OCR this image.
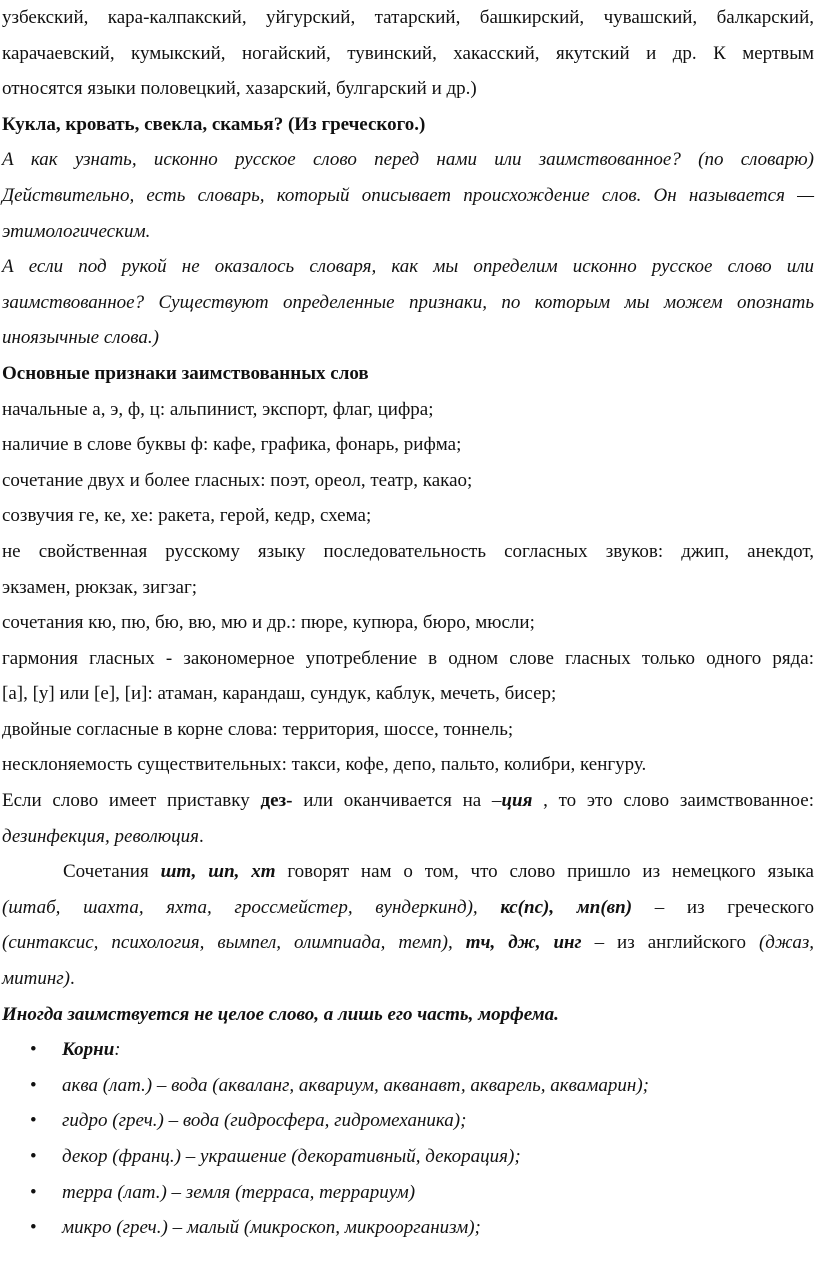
узбекский, кара-калпакский, уйгурский, татарский, башкирский, чувашский, балкарский,

карачаевский, кумыкский, ногайский, тувинский, хакасский, якутский и др. К мертвым

относятся языки половецкий, хазарский, булгарский и др.)

Кукла, кровать, свекла, скамья? (Из греческого.)

А как узнать, исконно русское слово перед нами или заимствованное? (по словарю)

Действительно, есть словарь, который описывает происхождение слов. Он называется —

этимологическим.

А если под рукой не оказалось словаря, как мы определим исконно русское слово или

заимствованное? Существуют определенные признаки, по которым мы можем опознать

иноязычные слова.)

Основные признаки заимствованных слов

начальные а, э, ф, ц: альпинист, экспорт, флаг, цифра;

наличие в слове буквы ф: кафе, графика, фонарь, рифма;

сочетание двух и более гласных: поэт, ореол, театр, какао;

созвучия ге, ке, хе: ракета, герой, кедр, схема;

не свойственная русскому языку последовательность согласных звуков: джип, анекдот,

экзамен, рюкзак, зигзаг;

сочетания кю, пю, бю, вю, мю и др.: пюре, купюра, бюро, мюсли;

гармония гласных - закономерное употребление в одном слове гласных только одного ряда:

[а], [у] или [е], [и]: атаман, карандаш, сундук, каблук, мечеть, бисер;

двойные согласные в корне слова: территория, шоссе, тоннель;

несклоняемость существительных: такси, кофе, депо, пальто, колибри, кенгуру.

Если слово имеет приставку дез- или оканчивается на –ция , то это слово заимствованное:

дезинфекция, революция.

Сочетания шт, шп, хт говорят нам о том, что слово пришло из немецкого языка

(штаб, шахта, яхта, гроссмейстер, вундеркинд), кс(пс), мп(вп) – из греческого

(синтаксис, психология, вымпел, олимпиада, темп), тч, дж, инг – из английского (джаз,

митинг).

Иногда заимствуется не целое слово, а лишь его часть, морфема.

• Корни:
• аква (лат.) – вода (акваланг, аквариум, акванавт, акварель, аквамарин);
• гидро (греч.) – вода (гидросфера, гидромеханика);
• декор (франц.) – украшение (декоративный, декорация);
• терра (лат.) – земля (терраса, террариум)
• микро (греч.) – малый (микроскоп, микроорганизм);
